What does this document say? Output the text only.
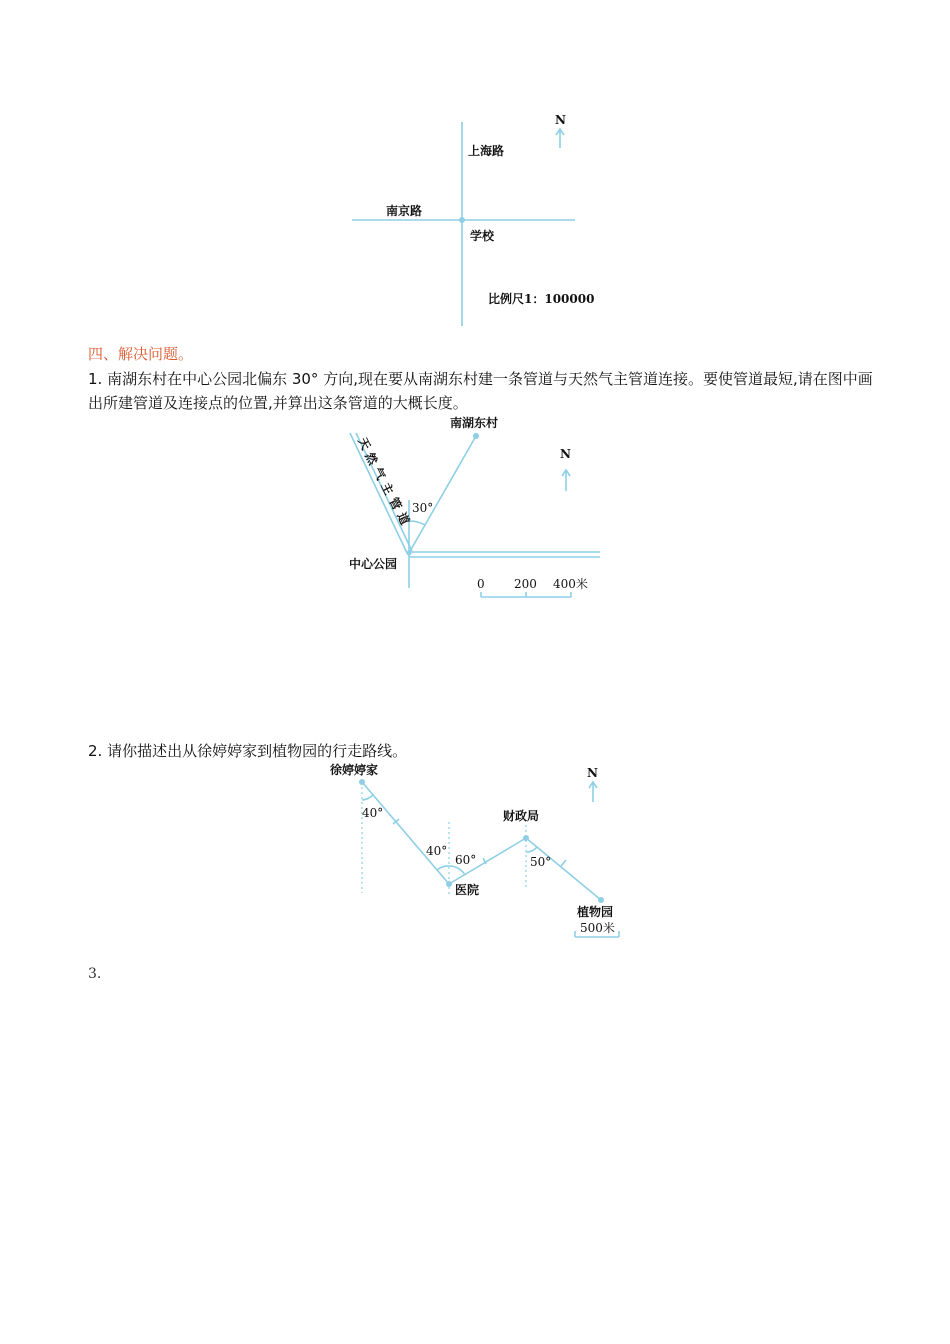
N
上海路
南京路
学校
比例尺1：100000
四、解决问题。
1. 南湖东村在中心公园北偏东 30° 方向,现在要从南湖东村建一条管道与天然气主管道连接。要使管道最短,请在图中画出所建管道及连接点的位置,并算出这条管道的大概长度。
N
南湖东村
天
然
气
主
管
道
30°
中心公园
0 200 400米
2. 请你描述出从徐婷婷家到植物园的行走路线。
N
徐婷婷家
40°	财政局
40°
60°	50°
医院
植物园
500米
3.
